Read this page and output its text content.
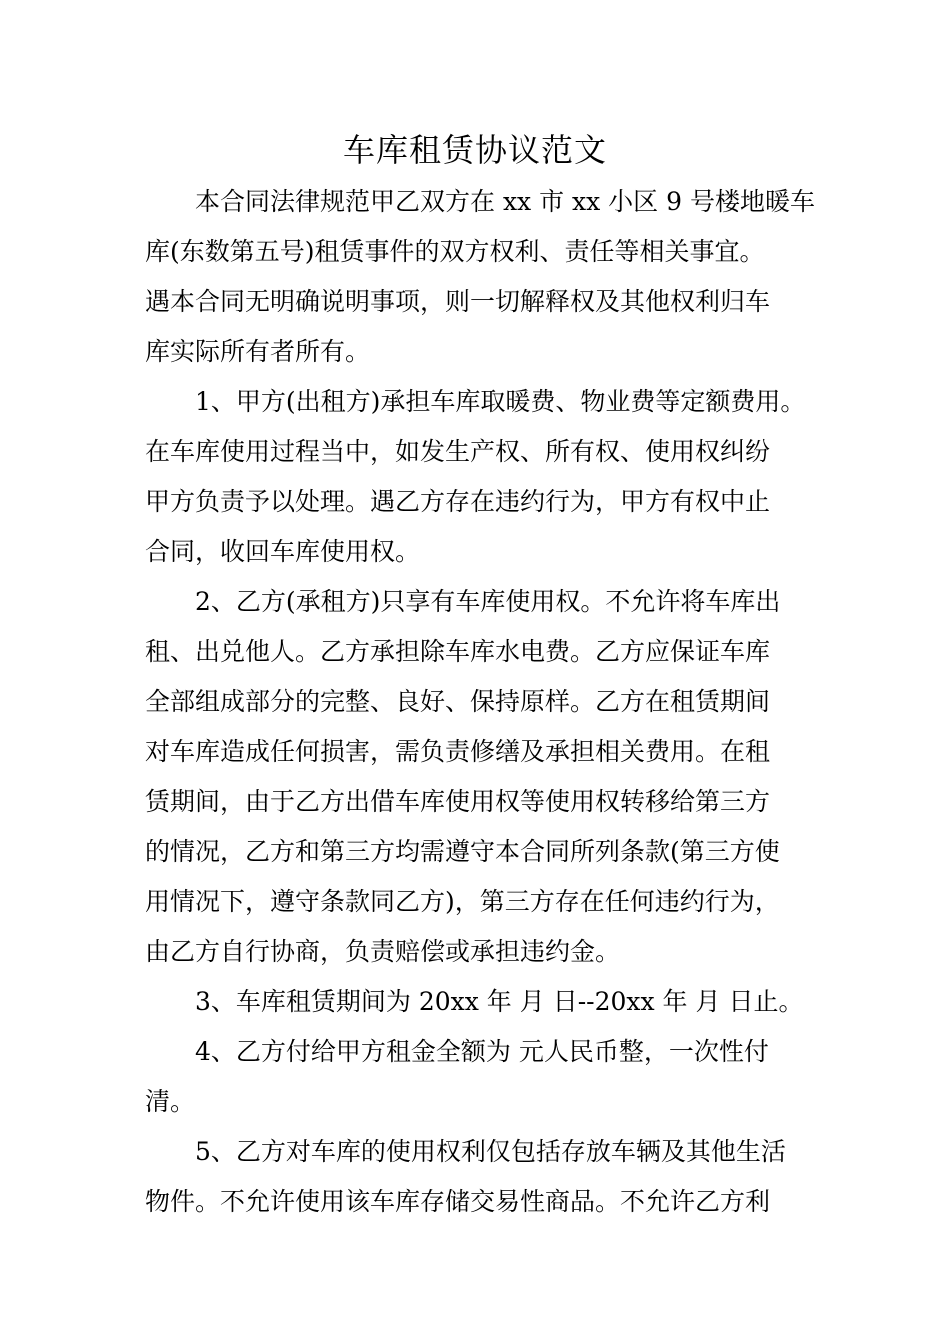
车库租赁协议范文

本合同法律规范甲乙双方在 xx 市 xx 小区 9 号楼地暖车

库(东数第五号)租赁事件的双方权利、责任等相关事宜。

遇本合同无明确说明事项，则一切解释权及其他权利归车

库实际所有者所有。

1、甲方(出租方)承担车库取暖费、物业费等定额费用。

在车库使用过程当中，如发生产权、所有权、使用权纠纷

甲方负责予以处理。遇乙方存在违约行为，甲方有权中止

合同，收回车库使用权。

2、乙方(承租方)只享有车库使用权。不允许将车库出

租、出兑他人。乙方承担除车库水电费。乙方应保证车库

全部组成部分的完整、良好、保持原样。乙方在租赁期间

对车库造成任何损害，需负责修缮及承担相关费用。在租

赁期间，由于乙方出借车库使用权等使用权转移给第三方

的情况，乙方和第三方均需遵守本合同所列条款(第三方使

用情况下，遵守条款同乙方)，第三方存在任何违约行为，

由乙方自行协商，负责赔偿或承担违约金。

3、车库租赁期间为 20xx 年 月 日--20xx 年 月 日止。

4、乙方付给甲方租金全额为 元人民币整，一次性付

清。

5、乙方对车库的使用权利仅包括存放车辆及其他生活

物件。不允许使用该车库存储交易性商品。不允许乙方利
